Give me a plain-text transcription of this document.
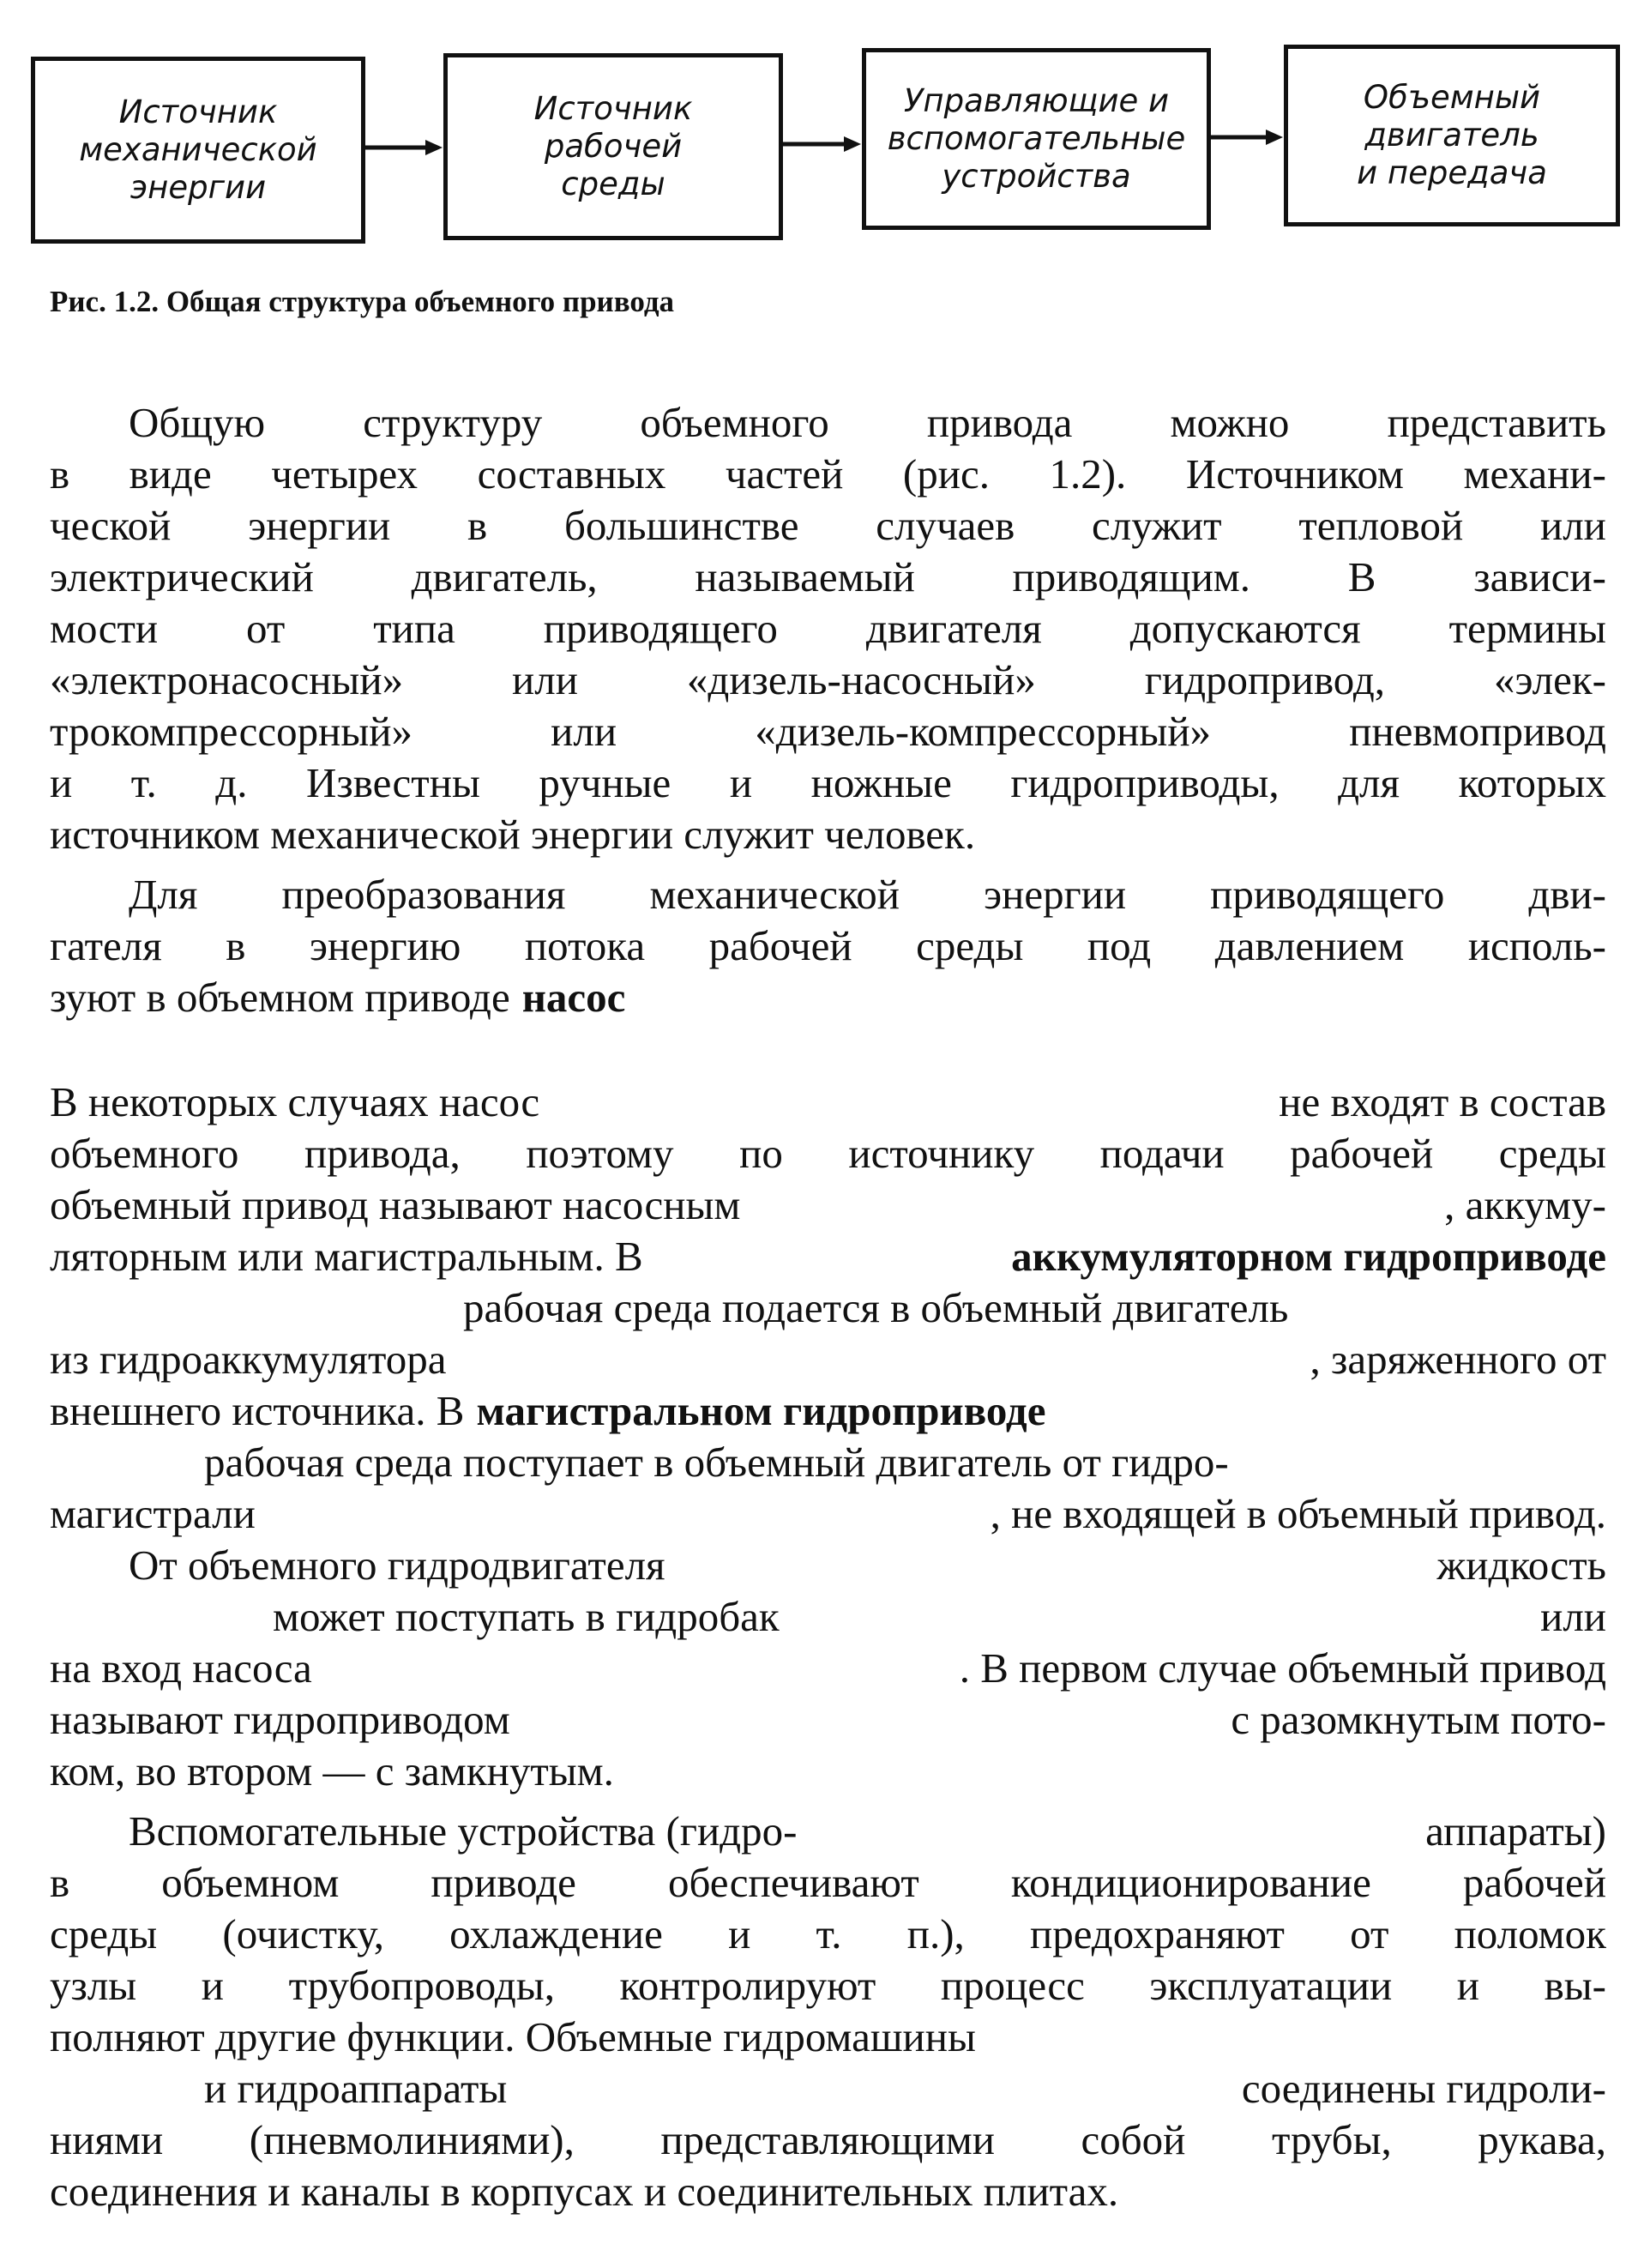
Источник
механической
энергии
Источник
рабочей
среды
Управляющие и
вспомогательные
устройства
Объемный
двигатель
и передача
Рис. 1.2. Общая структура объемного привода
Общую структуру объемного привода можно представить
в виде четырех составных частей (рис. 1.2). Источником механи-
ческой энергии в большинстве случаев служит тепловой или
электрический двигатель, называемый приводящим. В зависи-
мости от типа приводящего двигателя допускаются термины
«электронасосный»	или	«дизель-насосный»	гидропривод,	«элек-
трокомпрессорный»	или	«дизель-компрессорный»	пневмопривод
и т. д. Известны ручные и ножные гидроприводы, для которых
источником механической энергии служит человек.
Для преобразования механической энергии приводящего дви-
гателя в энергию потока рабочей среды под давлением исполь-
зуют в объемном приводе насос
В некоторых случаях насос	не входят в состав
объемного привода, поэтому по источнику подачи рабочей среды
объемный привод называют насосным	, аккуму-
ляторным или магистральным. В	аккумуляторном гидроприводе
рабочая среда подается в объемный двигатель
из гидроаккумулятора	, заряженного от
внешнего источника. В магистральном гидроприводе
рабочая среда поступает в объемный двигатель от гидро-
магистрали	, не входящей в объемный привод.
От объемного гидродвигателя	жидкость
может поступать в гидробак	или
на вход насоса	. В первом случае объемный привод
называют гидроприводом	с разомкнутым пото-
ком, во втором — с замкнутым.
Вспомогательные устройства (гидро-	аппараты)
в объемном приводе обеспечивают кондиционирование рабочей
среды (очистку, охлаждение и т. п.), предохраняют от поломок
узлы и трубопроводы, контролируют процесс эксплуатации и вы-
полняют другие функции. Объемные гидромашины
и гидроаппараты	соединены гидроли-
ниями (пневмолиниями), представляющими собой трубы, рукава,
соединения и каналы в корпусах и соединительных плитах.
